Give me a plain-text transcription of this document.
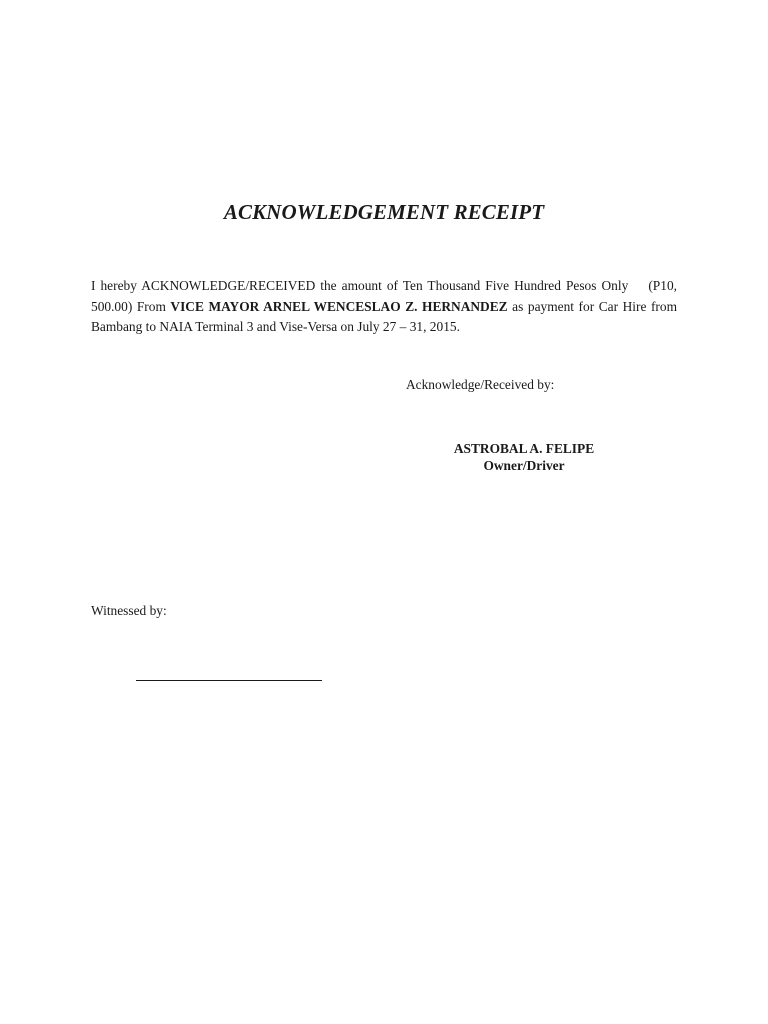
ACKNOWLEDGEMENT RECEIPT

I hereby ACKNOWLEDGE/RECEIVED the amount of Ten Thousand Five Hundred Pesos Only    (P10, 500.00) From VICE MAYOR ARNEL WENCESLAO Z. HERNANDEZ as payment for Car Hire from Bambang to NAIA Terminal 3 and Vise-Versa on July 27 – 31, 2015.

Acknowledge/Received by:
ASTROBAL A. FELIPE
Owner/Driver
Witnessed by:
